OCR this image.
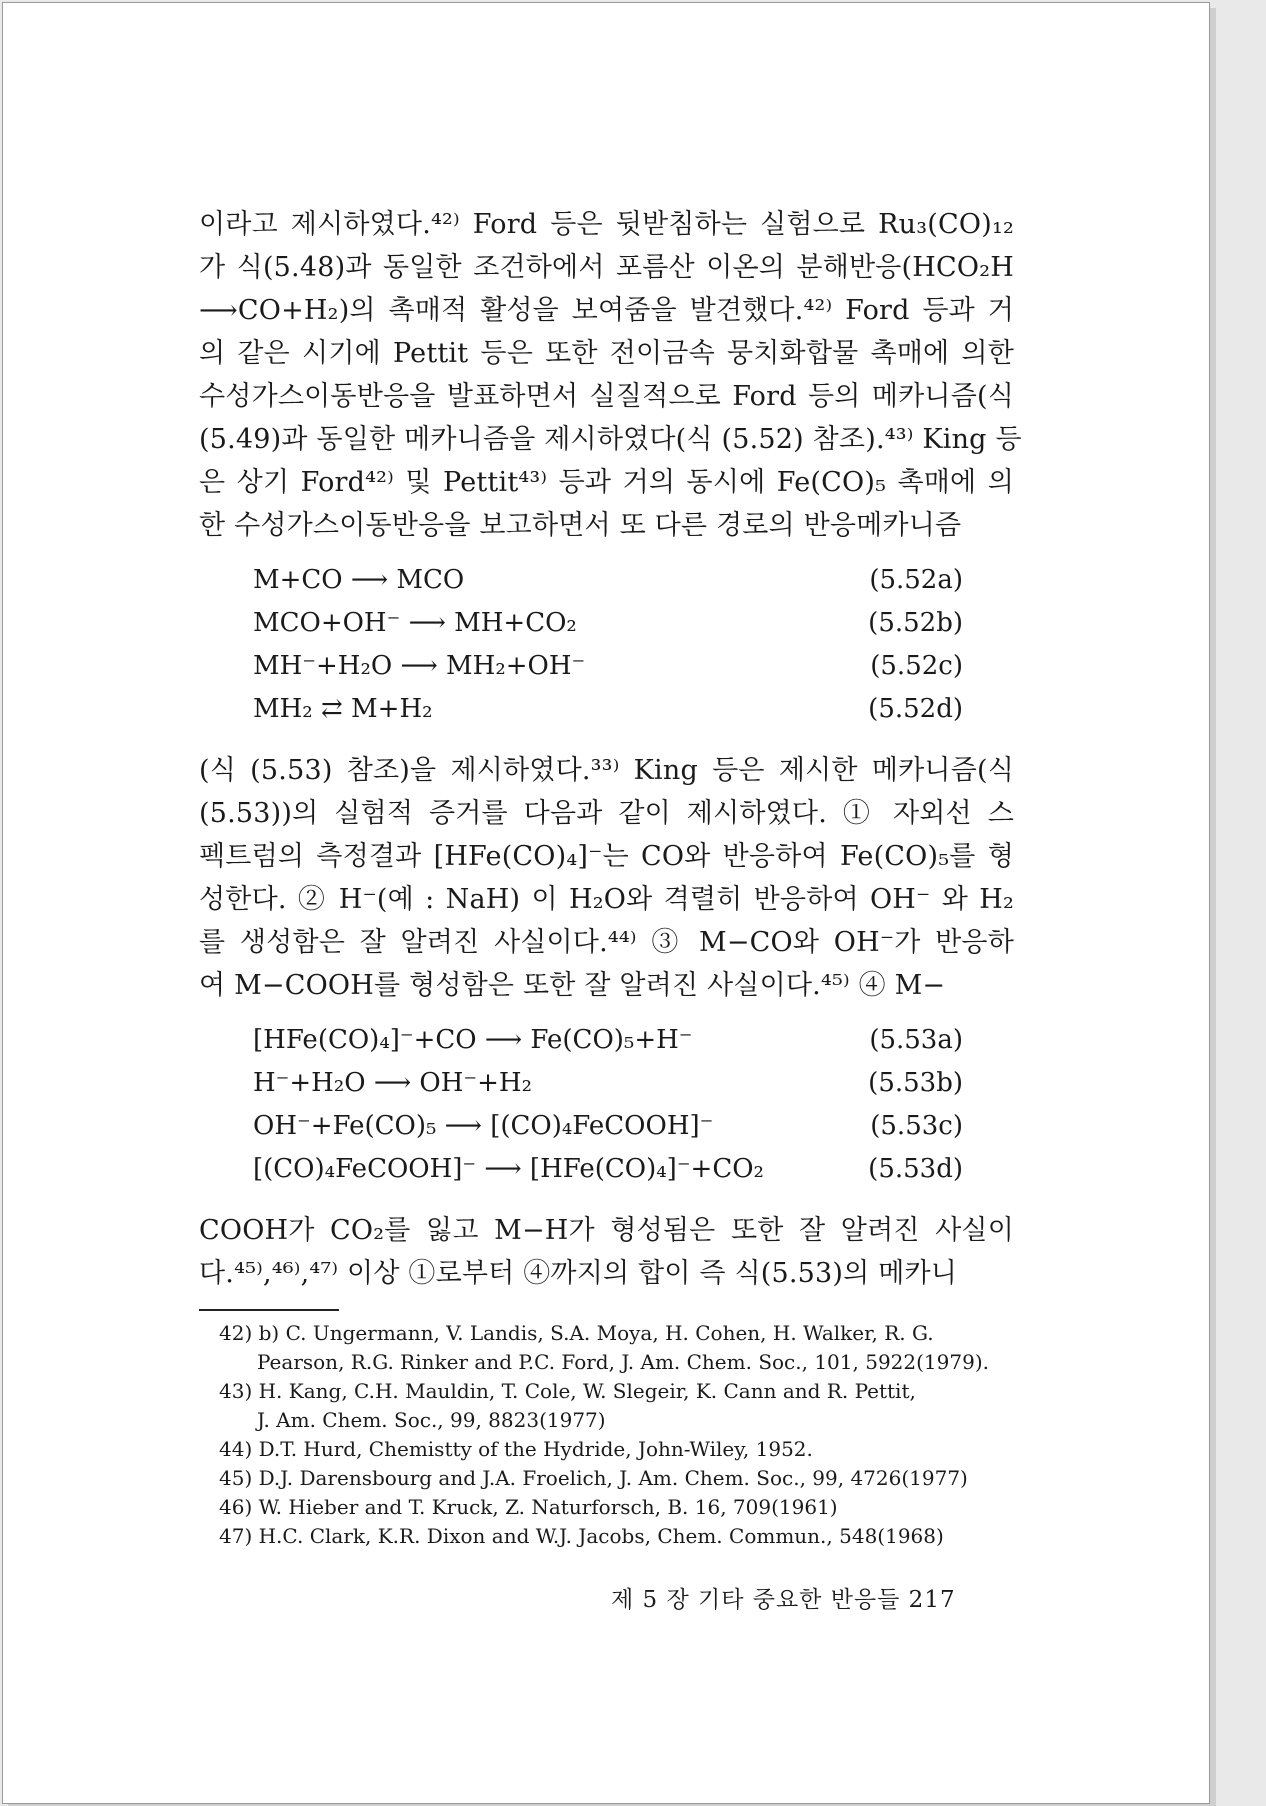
이라고 제시하였다.⁴²⁾ Ford 등은 뒷받침하는 실험으로 Ru₃(CO)₁₂

가 식(5.48)과 동일한 조건하에서 포름산 이온의 분해반응(HCO₂H

⟶CO+H₂)의 촉매적 활성을 보여줌을 발견했다.⁴²⁾ Ford 등과 거

의 같은 시기에 Pettit 등은 또한 전이금속 뭉치화합물 촉매에 의한

수성가스이동반응을 발표하면서 실질적으로 Ford 등의 메카니즘(식

(5.49)과 동일한 메카니즘을 제시하였다(식 (5.52) 참조).⁴³⁾ King 등

은 상기 Ford⁴²⁾ 및 Pettit⁴³⁾ 등과 거의 동시에 Fe(CO)₅ 촉매에 의

한 수성가스이동반응을 보고하면서 또 다른 경로의 반응메카니즘

M+CO ⟶ MCO	(5.52a)
MCO+OH⁻ ⟶ MH+CO₂	(5.52b)
MH⁻+H₂O ⟶ MH₂+OH⁻	(5.52c)
MH₂ ⇄ M+H₂	(5.52d)

(식 (5.53) 참조)을 제시하였다.³³⁾ King 등은 제시한 메카니즘(식

(5.53))의 실험적 증거를 다음과 같이 제시하였다. ① 자외선 스

펙트럼의 측정결과 [HFe(CO)₄]⁻는 CO와 반응하여 Fe(CO)₅를 형

성한다. ② H⁻(예 : NaH) 이 H₂O와 격렬히 반응하여 OH⁻ 와 H₂

를 생성함은 잘 알려진 사실이다.⁴⁴⁾ ③ M−CO와 OH⁻가 반응하

여 M−COOH를 형성함은 또한 잘 알려진 사실이다.⁴⁵⁾ ④ M−

[HFe(CO)₄]⁻+CO ⟶ Fe(CO)₅+H⁻	(5.53a)
H⁻+H₂O ⟶ OH⁻+H₂	(5.53b)
OH⁻+Fe(CO)₅ ⟶ [(CO)₄FeCOOH]⁻	(5.53c)
[(CO)₄FeCOOH]⁻ ⟶ [HFe(CO)₄]⁻+CO₂	(5.53d)

COOH가 CO₂를 잃고 M−H가 형성됨은 또한 잘 알려진 사실이

다.⁴⁵⁾,⁴⁶⁾,⁴⁷⁾ 이상 ①로부터 ④까지의 합이 즉 식(5.53)의 메카니

42) b) C. Ungermann, V. Landis, S.A. Moya, H. Cohen, H. Walker, R. G.
Pearson, R.G. Rinker and P.C. Ford, J. Am. Chem. Soc., 101, 5922(1979).
43) H. Kang, C.H. Mauldin, T. Cole, W. Slegeir, K. Cann and R. Pettit,
J. Am. Chem. Soc., 99, 8823(1977)
44) D.T. Hurd, Chemistty of the Hydride, John-Wiley, 1952.
45) D.J. Darensbourg and J.A. Froelich, J. Am. Chem. Soc., 99, 4726(1977)
46) W. Hieber and T. Kruck, Z. Naturforsch, B. 16, 709(1961)
47) H.C. Clark, K.R. Dixon and W.J. Jacobs, Chem. Commun., 548(1968)
제 5 장 기타 중요한 반응들 217
